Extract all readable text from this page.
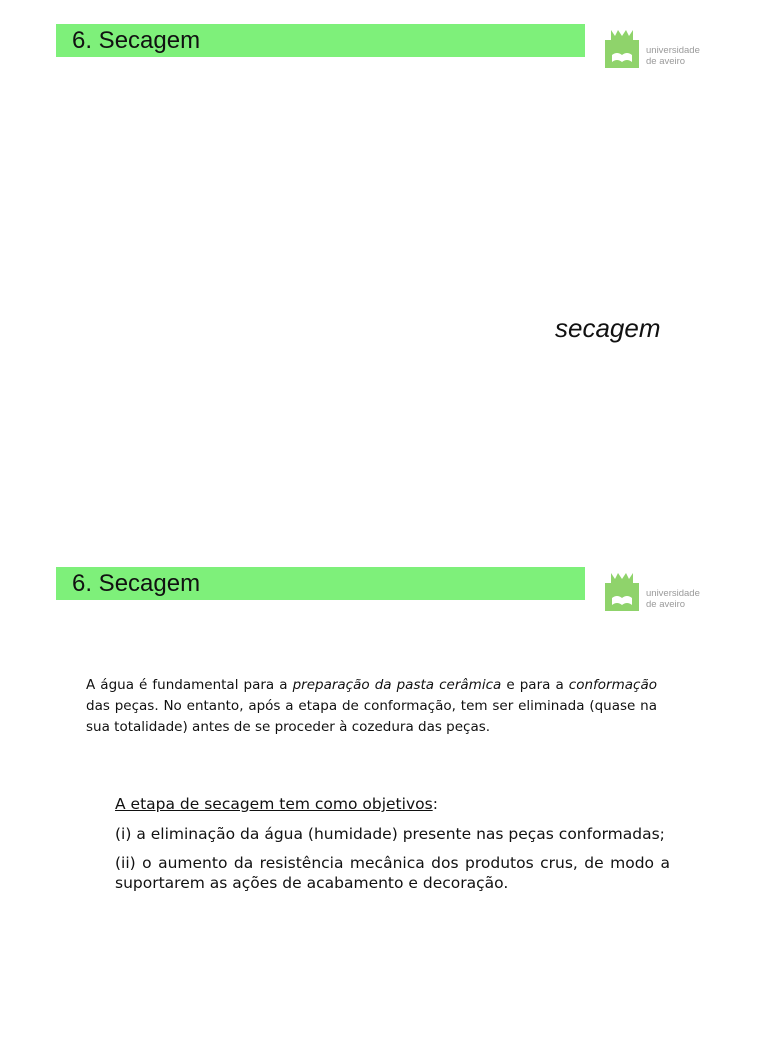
6. Secagem	universidade
de aveiro
secagem
6. Secagem	universidade
de aveiro

A água é fundamental para a preparação da pasta cerâmica e para a conformação das peças. No entanto, após a etapa de conformação, tem ser eliminada (quase na sua totalidade) antes de se proceder à cozedura das peças.

A etapa de secagem tem como objetivos:

(i) a eliminação da água (humidade) presente nas peças conformadas;

(ii) o aumento da resistência mecânica dos produtos crus, de modo a suportarem as ações de acabamento e decoração.
